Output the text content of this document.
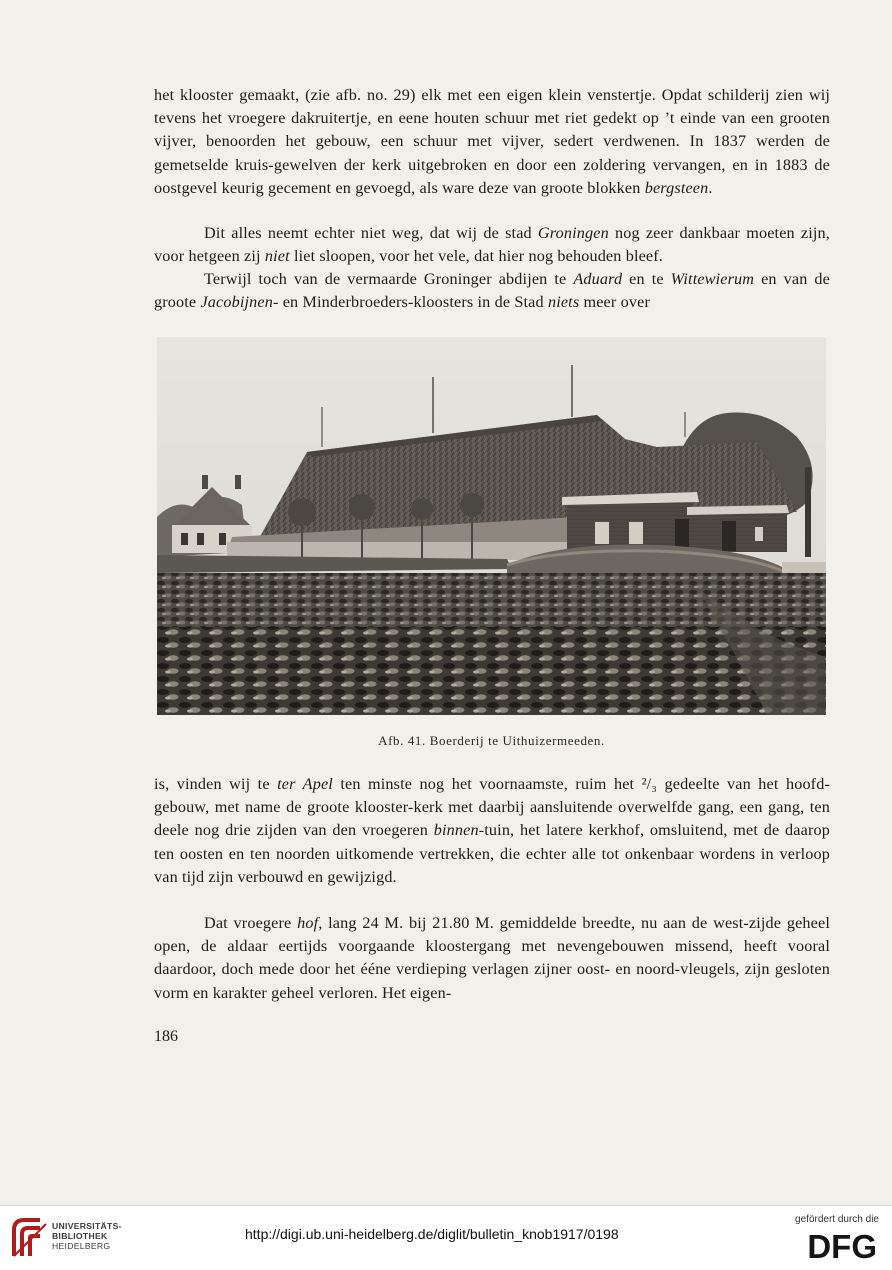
het klooster gemaakt, (zie afb. no. 29) elk met een eigen klein venstertje. Opdat schilderij zien wij tevens het vroegere dakruitertje, en eene houten schuur met riet gedekt op ’t einde van een grooten vijver, benoorden het gebouw, een schuur met vijver, sedert verdwenen. In 1837 werden de gemetselde kruis-gewelven der kerk uitgebroken en door een zoldering vervangen, en in 1883 de oostgevel keurig gecement en gevoegd, als ware deze van groote blokken bergsteen.

Dit alles neemt echter niet weg, dat wij de stad Groningen nog zeer dankbaar moeten zijn, voor hetgeen zij niet liet sloopen, voor het vele, dat hier nog behouden bleef.

Terwijl toch van de vermaarde Groninger abdijen te Aduard en te Wittewierum en van de groote Jacobijnen- en Minderbroeders-kloosters in de Stad niets meer over

Afb. 41. Boerderij te Uithuizermeeden.

is, vinden wij te ter Apel ten minste nog het voornaamste, ruim het ²/₃ gedeelte van het hoofd-gebouw, met name de groote klooster-kerk met daarbij aansluitende overwelfde gang, een gang, ten deele nog drie zijden van den vroegeren binnen-tuin, het latere kerkhof, omsluitend, met de daarop ten oosten en ten noorden uitkomende vertrekken, die echter alle tot onkenbaar wordens in verloop van tijd zijn verbouwd en gewijzigd.

Dat vroegere hof, lang 24 M. bij 21.80 M. gemiddelde breedte, nu aan de west-zijde geheel open, de aldaar eertijds voorgaande kloostergang met nevengebouwen missend, heeft vooral daardoor, doch mede door het ééne verdieping verlagen zijner oost- en noord-vleugels, zijn gesloten vorm en karakter geheel verloren. Het eigen-

186
UNIVERSITÄTS-
BIBLIOTHEK
HEIDELBERG
http://digi.ub.uni-heidelberg.de/diglit/bulletin_knob1917/0198
gefördert durch die
DFG
